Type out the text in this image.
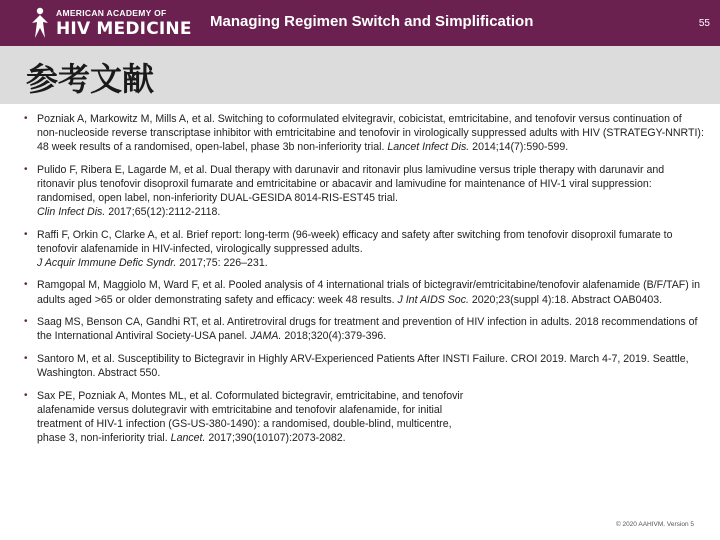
AMERICAN ACADEMY OF
HIV MEDICINE Managing Regimen Switch and Simplification	55
参考文献
• Pozniak A, Markowitz M, Mills A, et al. Switching to coformulated elvitegravir, cobicistat, emtricitabine, and tenofovir versus continuation of non-nucleoside reverse transcriptase inhibitor with emtricitabine and tenofovir in virologically suppressed adults with HIV (STRATEGY-NNRTI): 48 week results of a randomised, open-label, phase 3b non-inferiority trial. Lancet Infect Dis. 2014;14(7):590-599.
• Pulido F, Ribera E, Lagarde M, et al. Dual therapy with darunavir and ritonavir plus lamivudine versus triple therapy with darunavir and ritonavir plus tenofovir disoproxil fumarate and emtricitabine or abacavir and lamivudine for maintenance of HIV-1 viral suppression: randomised, open label, non-inferiority DUAL-GESIDA 8014-RIS-EST45 trial.
Clin Infect Dis. 2017;65(12):2112-2118.
• Raffi F, Orkin C, Clarke A, et al. Brief report: long-term (96-week) efficacy and safety after switching from tenofovir disoproxil fumarate to tenofovir alafenamide in HIV-infected, virologically suppressed adults.
J Acquir Immune Defic Syndr. 2017;75: 226–231.
• Ramgopal M, Maggiolo M, Ward F, et al. Pooled analysis of 4 international trials of bictegravir/emtricitabine/tenofovir alafenamide (B/F/TAF) in adults aged >65 or older demonstrating safety and efficacy: week 48 results. J Int AIDS Soc. 2020;23(suppl 4):18. Abstract OAB0403.
• Saag MS, Benson CA, Gandhi RT, et al. Antiretroviral drugs for treatment and prevention of HIV infection in adults. 2018 recommendations of the International Antiviral Society-USA panel. JAMA. 2018;320(4):379-396.
• Santoro M, et al. Susceptibility to Bictegravir in Highly ARV-Experienced Patients After INSTI Failure. CROI 2019. March 4-7, 2019. Seattle, Washington. Abstract 550.
• Sax PE, Pozniak A, Montes ML, et al. Coformulated bictegravir, emtricitabine, and tenofovir
alafenamide versus dolutegravir with emtricitabine and tenofovir alafenamide, for initial
treatment of HIV-1 infection (GS-US-380-1490): a randomised, double-blind, multicentre,
phase 3, non-inferiority trial. Lancet. 2017;390(10107):2073-2082.
© 2020 AAHIVM. Version 5
